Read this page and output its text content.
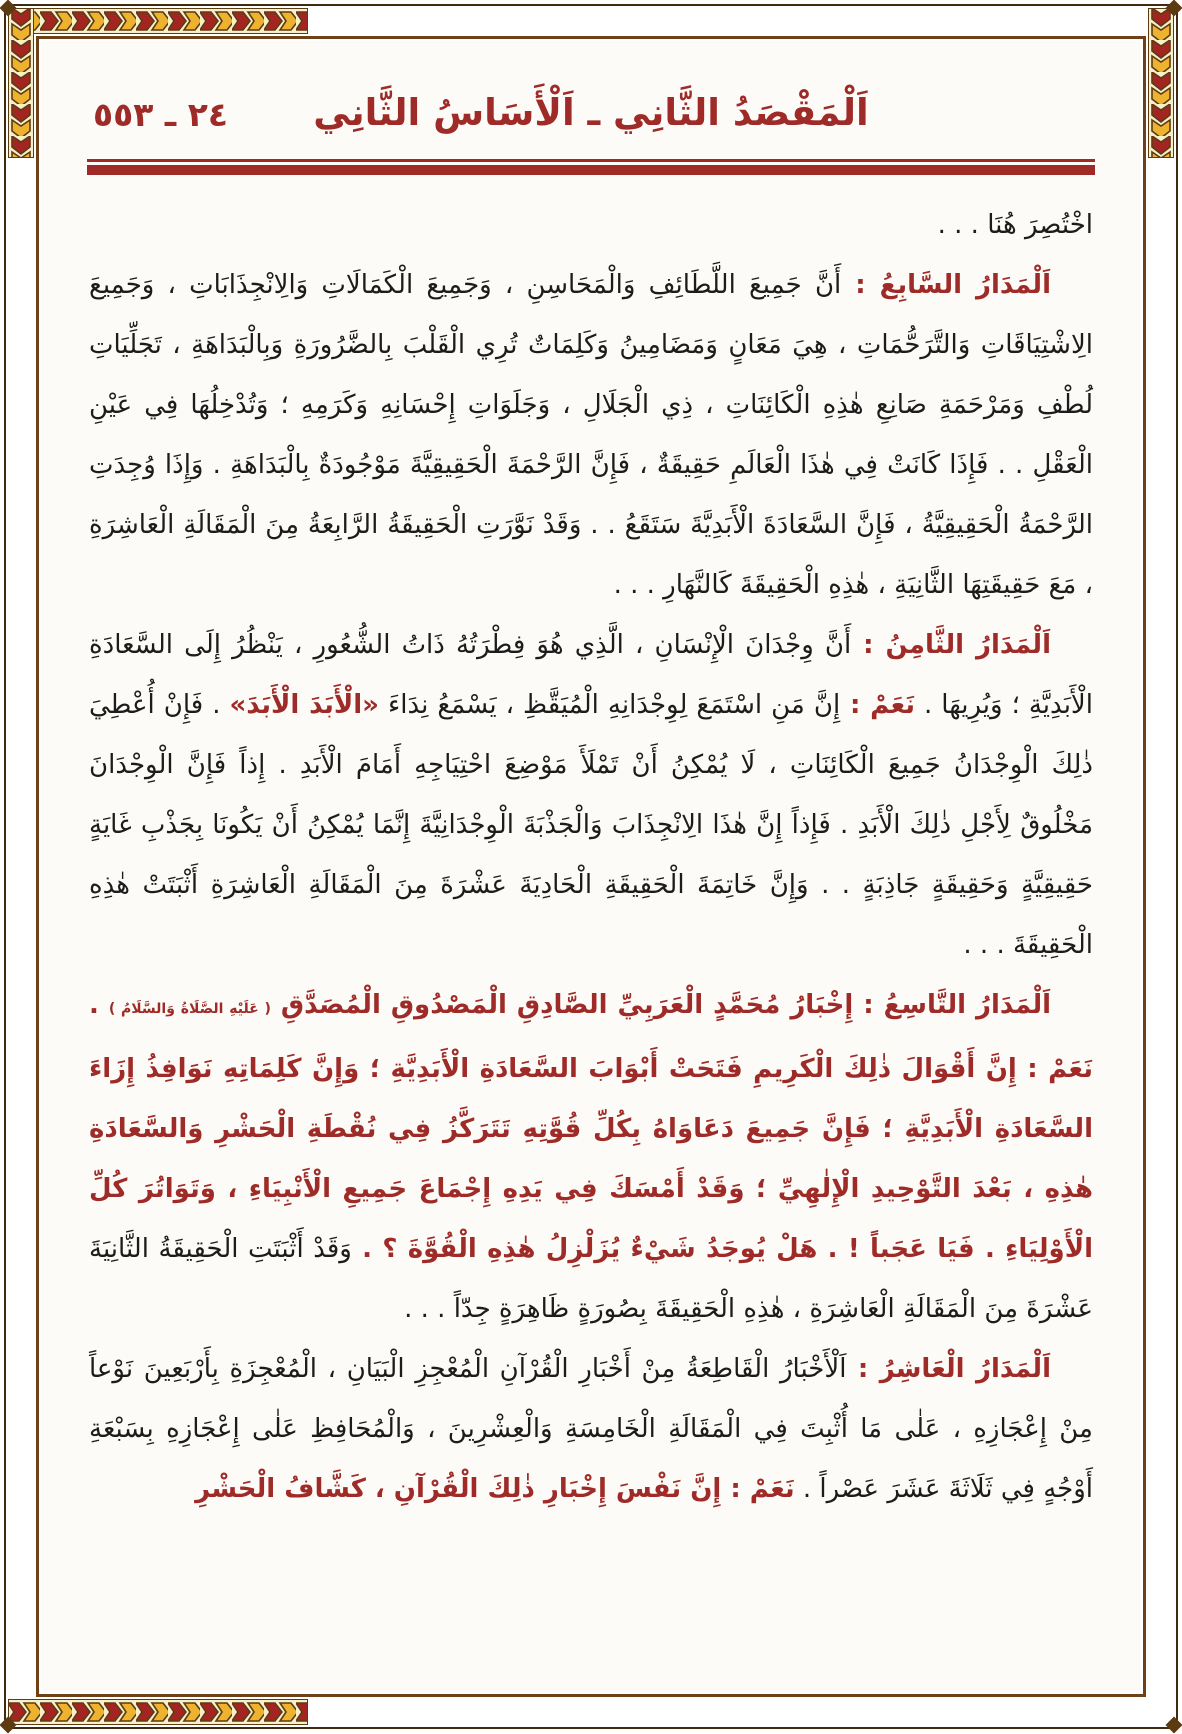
٢٤ ـ ٥٥٣	اَلْمَقْصَدُ الثَّانِي ـ اَلْأَسَاسُ الثَّانِي

اخْتُصِرَ هُنَا . . .

اَلْمَدَارُ السَّابِعُ : أَنَّ جَمِيعَ اللَّطَائِفِ وَالْمَحَاسِنِ ، وَجَمِيعَ الْكَمَالَاتِ وَالِانْجِذَابَاتِ ، وَجَمِيعَ الِاشْتِيَاقَاتِ وَالتَّرَحُّمَاتِ ، هِيَ مَعَانٍ وَمَضَامِينُ وَكَلِمَاتٌ تُرِي الْقَلْبَ بِالضَّرُورَةِ وَبِالْبَدَاهَةِ ، تَجَلِّيَاتِ لُطْفِ وَمَرْحَمَةِ صَانِعِ هٰذِهِ الْكَائِنَاتِ ، ذِي الْجَلَالِ ، وَجَلَوَاتِ إِحْسَانِهِ وَكَرَمِهِ ؛ وَتُدْخِلُهَا فِي عَيْنِ الْعَقْلِ . . فَإِذَا كَانَتْ فِي هٰذَا الْعَالَمِ حَقِيقَةٌ ، فَإِنَّ الرَّحْمَةَ الْحَقِيقِيَّةَ مَوْجُودَةٌ بِالْبَدَاهَةِ . وَإِذَا وُجِدَتِ الرَّحْمَةُ الْحَقِيقِيَّةُ ، فَإِنَّ السَّعَادَةَ الْأَبَدِيَّةَ سَتَقَعُ . . وَقَدْ نَوَّرَتِ الْحَقِيقَةُ الرَّابِعَةُ مِنَ الْمَقَالَةِ الْعَاشِرَةِ ، مَعَ حَقِيقَتِهَا الثَّانِيَةِ ، هٰذِهِ الْحَقِيقَةَ كَالنَّهَارِ . . .

اَلْمَدَارُ الثَّامِنُ : أَنَّ وِجْدَانَ الْإِنْسَانِ ، الَّذِي هُوَ فِطْرَتُهُ ذَاتُ الشُّعُورِ ، يَنْظُرُ إِلَى السَّعَادَةِ الْأَبَدِيَّةِ ؛ وَيُرِيهَا . نَعَمْ : إِنَّ مَنِ اسْتَمَعَ لِوِجْدَانِهِ الْمُيَقَّظِ ، يَسْمَعُ نِدَاءَ «الْأَبَدَ الْأَبَدَ» . فَإِنْ أُعْطِيَ ذٰلِكَ الْوِجْدَانُ جَمِيعَ الْكَائِنَاتِ ، لَا يُمْكِنُ أَنْ تَمْلَأَ مَوْضِعَ احْتِيَاجِهِ أَمَامَ الْأَبَدِ . إِذاً فَإِنَّ الْوِجْدَانَ مَخْلُوقٌ لِأَجْلِ ذٰلِكَ الْأَبَدِ . فَإِذاً إِنَّ هٰذَا الِانْجِذَابَ وَالْجَذْبَةَ الْوِجْدَانِيَّةَ إِنَّمَا يُمْكِنُ أَنْ يَكُونَا بِجَذْبِ غَايَةٍ حَقِيقِيَّةٍ وَحَقِيقَةٍ جَاذِبَةٍ . . وَإِنَّ خَاتِمَةَ الْحَقِيقَةِ الْحَادِيَةَ عَشْرَةَ مِنَ الْمَقَالَةِ الْعَاشِرَةِ أَثْبَتَتْ هٰذِهِ الْحَقِيقَةَ . . .

اَلْمَدَارُ التَّاسِعُ : إِخْبَارُ مُحَمَّدٍ الْعَرَبِيِّ الصَّادِقِ الْمَصْدُوقِ الْمُصَدَّقِ ( عَلَيْهِ الصَّلَاةُ وَالسَّلَامُ ) . نَعَمْ : إِنَّ أَقْوَالَ ذٰلِكَ الْكَرِيمِ فَتَحَتْ أَبْوَابَ السَّعَادَةِ الْأَبَدِيَّةِ ؛ وَإِنَّ كَلِمَاتِهِ نَوَافِذُ إِزَاءَ السَّعَادَةِ الْأَبَدِيَّةِ ؛ فَإِنَّ جَمِيعَ دَعَاوَاهُ بِكُلِّ قُوَّتِهِ تَتَرَكَّزُ فِي نُقْطَةِ الْحَشْرِ وَالسَّعَادَةِ هٰذِهِ ، بَعْدَ التَّوْحِيدِ الْإِلٰهِيِّ ؛ وَقَدْ أَمْسَكَ فِي يَدِهِ إِجْمَاعَ جَمِيعِ الْأَنْبِيَاءِ ، وَتَوَاتُرَ كُلِّ الْأَوْلِيَاءِ . فَيَا عَجَباً ! . هَلْ يُوجَدُ شَيْءٌ يُزَلْزِلُ هٰذِهِ الْقُوَّةَ ؟ . وَقَدْ أَثْبَتَتِ الْحَقِيقَةُ الثَّانِيَةَ عَشْرَةَ مِنَ الْمَقَالَةِ الْعَاشِرَةِ ، هٰذِهِ الْحَقِيقَةَ بِصُورَةٍ ظَاهِرَةٍ جِدّاً . . .

اَلْمَدَارُ الْعَاشِرُ : اَلْأَخْبَارُ الْقَاطِعَةُ مِنْ أَخْبَارِ الْقُرْآنِ الْمُعْجِزِ الْبَيَانِ ، الْمُعْجِزَةِ بِأَرْبَعِينَ نَوْعاً مِنْ إِعْجَازِهِ ، عَلٰى مَا أُثْبِتَ فِي الْمَقَالَةِ الْخَامِسَةِ وَالْعِشْرِينَ ، وَالْمُحَافِظِ عَلٰى إِعْجَازِهِ بِسَبْعَةِ أَوْجُهٍ فِي ثَلَاثَةَ عَشَرَ عَصْراً . نَعَمْ : إِنَّ نَفْسَ إِخْبَارِ ذٰلِكَ الْقُرْآنِ ، كَشَّافُ الْحَشْرِ
